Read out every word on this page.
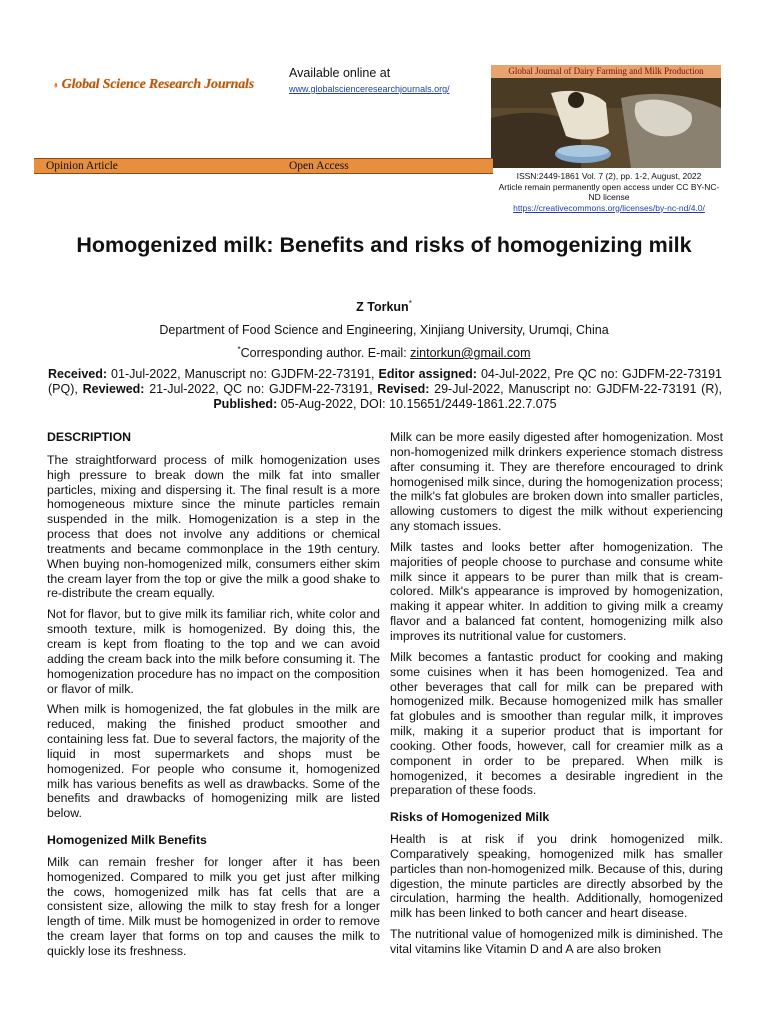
Global Science Research Journals
Available online at
www.globalscienceresearchjournals.org/
Global Journal of Dairy Farming and Milk Production
ISSN:2449-1861 Vol. 7 (2), pp. 1-2, August, 2022
Article remain permanently open access under CC BY-NC-ND license
https://creativecommons.org/licenses/by-nc-nd/4.0/
Opinion Article	Open Access
Homogenized milk: Benefits and risks of homogenizing milk
Z Torkun*
Department of Food Science and Engineering, Xinjiang University, Urumqi, China
*Corresponding author. E-mail: zintorkun@gmail.com
Received: 01-Jul-2022, Manuscript no: GJDFM-22-73191, Editor assigned: 04-Jul-2022, Pre QC no: GJDFM-22-73191 (PQ), Reviewed: 21-Jul-2022, QC no: GJDFM-22-73191, Revised: 29-Jul-2022, Manuscript no: GJDFM-22-73191 (R), Published: 05-Aug-2022, DOI: 10.15651/2449-1861.22.7.075
DESCRIPTION

The straightforward process of milk homogenization uses high pressure to break down the milk fat into smaller particles, mixing and dispersing it. The final result is a more homogeneous mixture since the minute particles remain suspended in the milk. Homogenization is a step in the process that does not involve any additions or chemical treatments and became commonplace in the 19th century. When buying non-homogenized milk, consumers either skim the cream layer from the top or give the milk a good shake to re-distribute the cream equally.

Not for flavor, but to give milk its familiar rich, white color and smooth texture, milk is homogenized. By doing this, the cream is kept from floating to the top and we can avoid adding the cream back into the milk before consuming it. The homogenization procedure has no impact on the composition or flavor of milk.

When milk is homogenized, the fat globules in the milk are reduced, making the finished product smoother and containing less fat. Due to several factors, the majority of the liquid in most supermarkets and shops must be homogenized. For people who consume it, homogenized milk has various benefits as well as drawbacks. Some of the benefits and drawbacks of homogenizing milk are listed below.

Homogenized Milk Benefits

Milk can remain fresher for longer after it has been homogenized. Compared to milk you get just after milking the cows, homogenized milk has fat cells that are a consistent size, allowing the milk to stay fresh for a longer length of time. Milk must be homogenized in order to remove the cream layer that forms on top and causes the milk to quickly lose its freshness.

Milk can be more easily digested after homogenization. Most non-homogenized milk drinkers experience stomach distress after consuming it. They are therefore encouraged to drink homogenised milk since, during the homogenization process; the milk's fat globules are broken down into smaller particles, allowing customers to digest the milk without experiencing any stomach issues.

Milk tastes and looks better after homogenization. The majorities of people choose to purchase and consume white milk since it appears to be purer than milk that is cream-colored. Milk's appearance is improved by homogenization, making it appear whiter. In addition to giving milk a creamy flavor and a balanced fat content, homogenizing milk also improves its nutritional value for customers.

Milk becomes a fantastic product for cooking and making some cuisines when it has been homogenized. Tea and other beverages that call for milk can be prepared with homogenized milk. Because homogenized milk has smaller fat globules and is smoother than regular milk, it improves milk, making it a superior product that is important for cooking. Other foods, however, call for creamier milk as a component in order to be prepared. When milk is homogenized, it becomes a desirable ingredient in the preparation of these foods.

Risks of Homogenized Milk

Health is at risk if you drink homogenized milk. Comparatively speaking, homogenized milk has smaller particles than non-homogenized milk. Because of this, during digestion, the minute particles are directly absorbed by the circulation, harming the health. Additionally, homogenized milk has been linked to both cancer and heart disease.

The nutritional value of homogenized milk is diminished. The vital vitamins like Vitamin D and A are also broken
